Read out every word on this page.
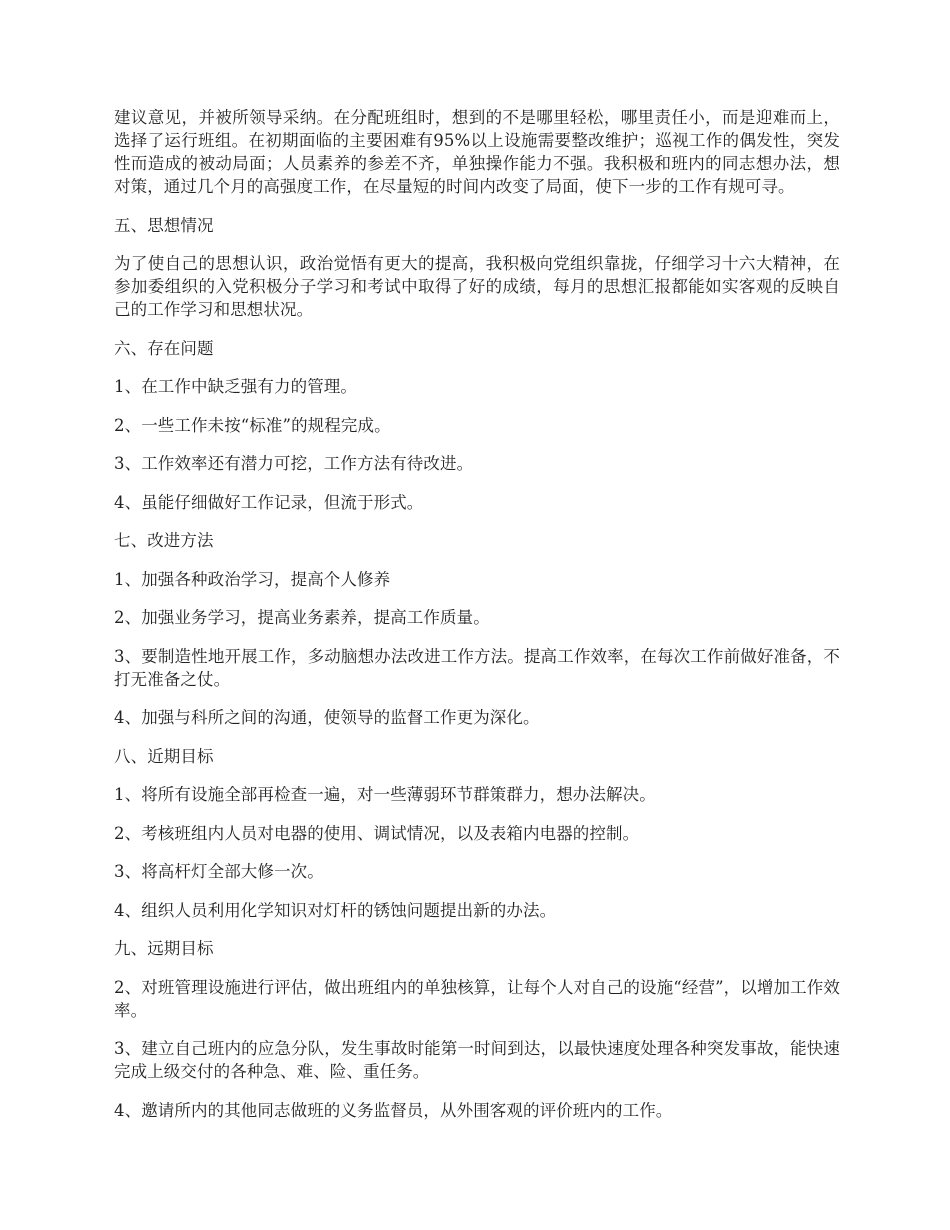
建议意见，并被所领导采纳。在分配班组时，想到的不是哪里轻松，哪里责任小，而是迎难而上，选择了运行班组。在初期面临的主要困难有95%以上设施需要整改维护；巡视工作的偶发性，突发性而造成的被动局面；人员素养的参差不齐，单独操作能力不强。我积极和班内的同志想办法，想对策，通过几个月的高强度工作，在尽量短的时间内改变了局面，使下一步的工作有规可寻。

五、思想情况

为了使自己的思想认识，政治觉悟有更大的提高，我积极向党组织靠拢，仔细学习十六大精神，在参加委组织的入党积极分子学习和考试中取得了好的成绩，每月的思想汇报都能如实客观的反映自己的工作学习和思想状况。

六、存在问题

1、在工作中缺乏强有力的管理。

2、一些工作未按“标准”的规程完成。

3、工作效率还有潜力可挖，工作方法有待改进。

4、虽能仔细做好工作记录，但流于形式。

七、改进方法

1、加强各种政治学习，提高个人修养

2、加强业务学习，提高业务素养，提高工作质量。

3、要制造性地开展工作，多动脑想办法改进工作方法。提高工作效率，在每次工作前做好准备，不打无准备之仗。

4、加强与科所之间的沟通，使领导的监督工作更为深化。

八、近期目标

1、将所有设施全部再检查一遍，对一些薄弱环节群策群力，想办法解决。

2、考核班组内人员对电器的使用、调试情况，以及表箱内电器的控制。

3、将高杆灯全部大修一次。

4、组织人员利用化学知识对灯杆的锈蚀问题提出新的办法。

九、远期目标

2、对班管理设施进行评估，做出班组内的单独核算，让每个人对自己的设施“经营”，以增加工作效率。

3、建立自己班内的应急分队，发生事故时能第一时间到达，以最快速度处理各种突发事故，能快速完成上级交付的各种急、难、险、重任务。

4、邀请所内的其他同志做班的义务监督员，从外围客观的评价班内的工作。
